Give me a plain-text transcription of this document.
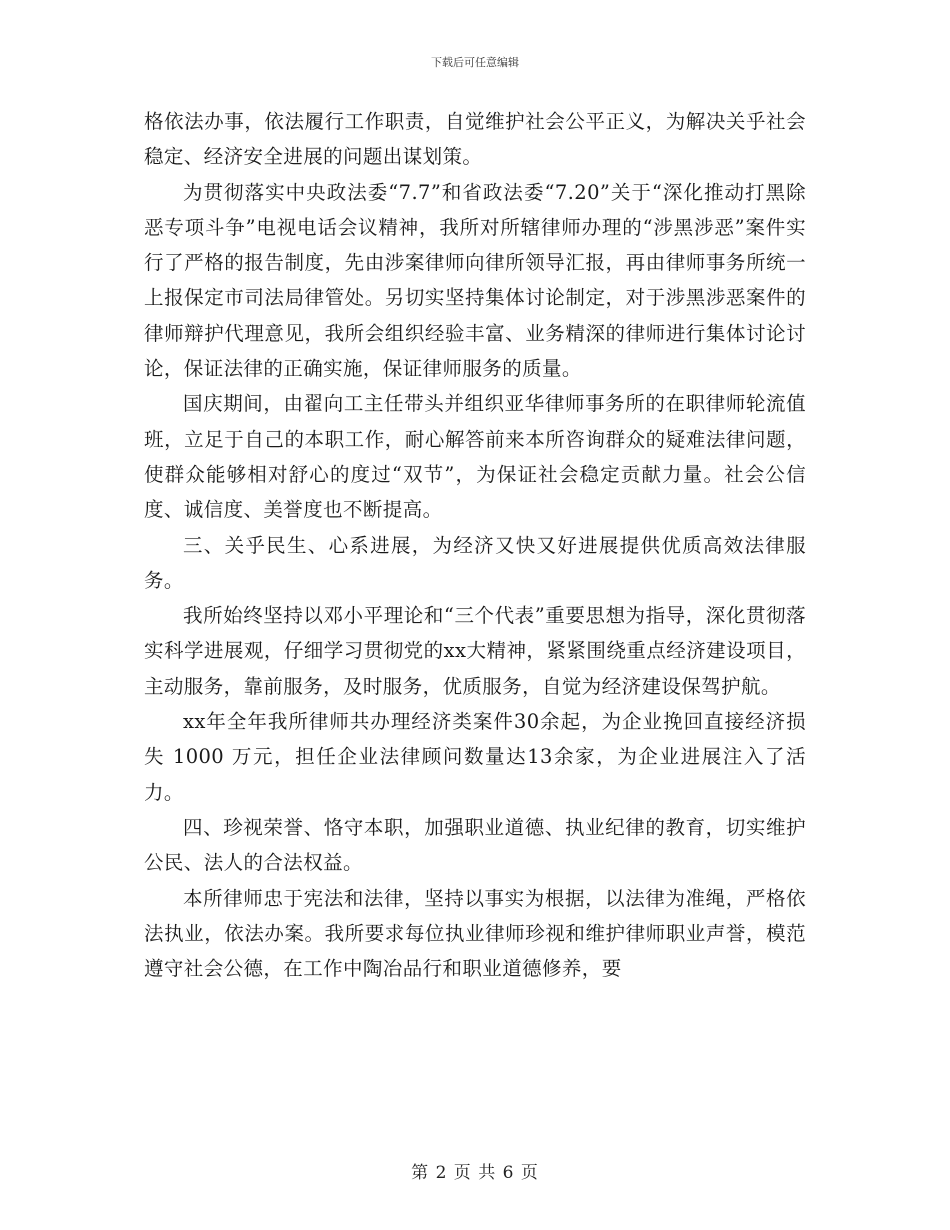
下载后可任意编辑

格依法办事，依法履行工作职责，自觉维护社会公平正义，为解决关乎社会稳定、经济安全进展的问题出谋划策。

为贯彻落实中央政法委“7.7”和省政法委“7.20”关于“深化推动打黑除恶专项斗争”电视电话会议精神，我所对所辖律师办理的“涉黑涉恶”案件实行了严格的报告制度，先由涉案律师向律所领导汇报，再由律师事务所统一上报保定市司法局律管处。另切实坚持集体讨论制定，对于涉黑涉恶案件的律师辩护代理意见，我所会组织经验丰富、业务精深的律师进行集体讨论讨论，保证法律的正确实施，保证律师服务的质量。

国庆期间，由翟向工主任带头并组织亚华律师事务所的在职律师轮流值班，立足于自己的本职工作，耐心解答前来本所咨询群众的疑难法律问题，使群众能够相对舒心的度过“双节”，为保证社会稳定贡献力量。社会公信度、诚信度、美誉度也不断提高。

三、关乎民生、心系进展，为经济又快又好进展提供优质高效法律服务。

我所始终坚持以邓小平理论和“三个代表”重要思想为指导，深化贯彻落实科学进展观，仔细学习贯彻党的xx大精神，紧紧围绕重点经济建设项目，主动服务，靠前服务，及时服务，优质服务，自觉为经济建设保驾护航。

xx年全年我所律师共办理经济类案件30余起，为企业挽回直接经济损失 1000 万元，担任企业法律顾问数量达13余家，为企业进展注入了活力。

四、珍视荣誉、恪守本职，加强职业道德、执业纪律的教育，切实维护公民、法人的合法权益。

本所律师忠于宪法和法律，坚持以事实为根据，以法律为准绳，严格依法执业，依法办案。我所要求每位执业律师珍视和维护律师职业声誉，模范遵守社会公德，在工作中陶冶品行和职业道德修养，要

第 2 页 共 6 页
